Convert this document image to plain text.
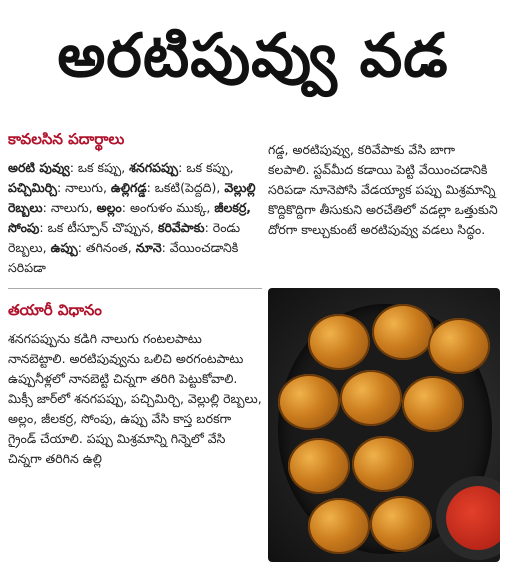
అరటిపువ్వు వడ
కావలసిన పదార్థాలు
అరటి పువ్వు: ఒక కప్పు, శనగపప్పు: ఒక కప్పు, పచ్చిమిర్చి: నాలుగు, ఉల్లిగడ్డ: ఒకటి(పెద్దది), వెల్లుల్లి రెబ్బలు: నాలుగు, అల్లం: అంగుళం ముక్క, జీలకర్ర, సోంపు: ఒక టీస్పూన్ చొప్పున, కరివేపాకు: రెండు రెబ్బలు, ఉప్పు: తగినంత, నూనె: వేయించడానికి సరిపడా
తయారీ విధానం
శనగపప్పును కడిగి నాలుగు గంటలపాటు నానబెట్టాలి. అరటిపువ్వును ఒలిచి అరగంటపాటు ఉప్పునీళ్లలో నానబెట్టి చిన్నగా తరిగి పెట్టుకోవాలి. మిక్సీ జార్‌లో శనగపప్పు, పచ్చిమిర్చి, వెల్లుల్లి రెబ్బలు, అల్లం, జీలకర్ర, సోంపు, ఉప్పు వేసి కాస్త బరకగా గ్రైండ్ చేయాలి. పప్పు మిశ్రమాన్ని గిన్నెలో వేసి చిన్నగా తరిగిన ఉల్లి
గడ్డ, అరటిపువ్వు, కరివేపాకు వేసి బాగా కలపాలి. స్టవ్‌మీద కడాయి పెట్టి వేయించడానికి సరిపడా నూనెపోసి వేడయ్యాక పప్పు మిశ్రమాన్ని కొద్దికొద్దిగా తీసుకుని అరచేతిలో వడల్లా ఒత్తుకుని దోరగా కాల్చుకుంటే అరటిపువ్వు వడలు సిద్ధం.
